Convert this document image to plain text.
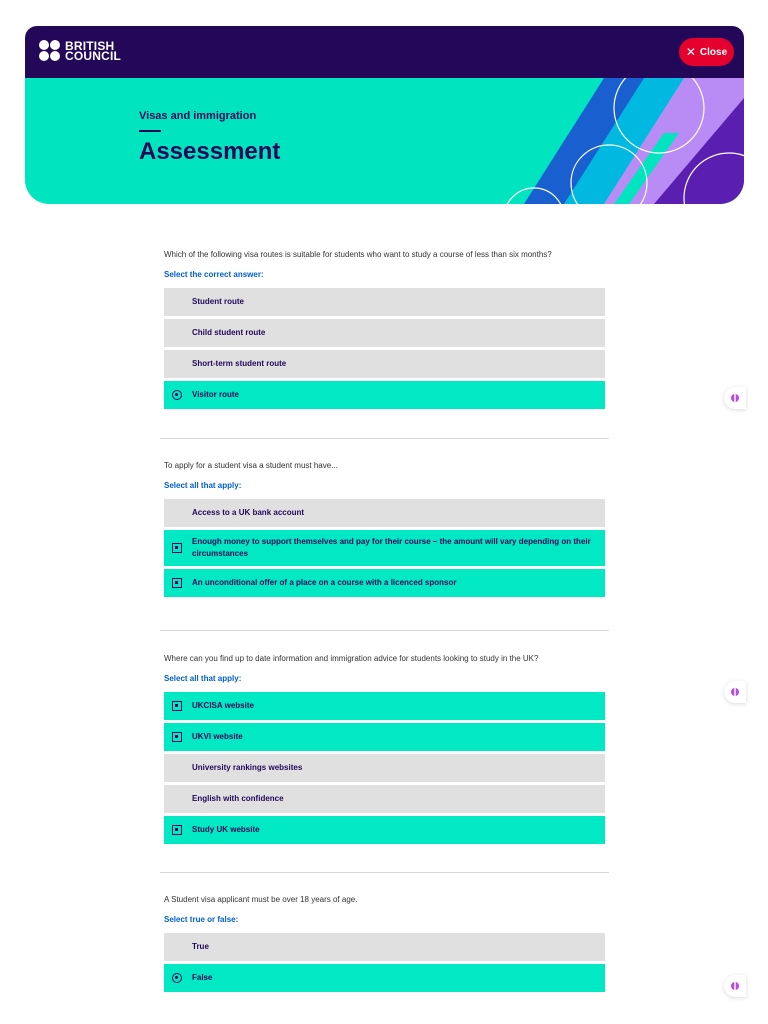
BRITISH
COUNCIL	✕ Close
Visas and immigration
Assessment

Which of the following visa routes is suitable for students who want to study a course of less than six months?

Select the correct answer:
Student route
Child student route
Short-term student route
Visitor route

To apply for a student visa a student must have...

Select all that apply:
Access to a UK bank account
Enough money to support themselves and pay for their course – the amount will vary depending on their circumstances
An unconditional offer of a place on a course with a licenced sponsor

Where can you find up to date information and immigration advice for students looking to study in the UK?

Select all that apply:
UKCISA website
UKVI website
University rankings websites
English with confidence
Study UK website

A Student visa applicant must be over 18 years of age.

Select true or false:
True
False
